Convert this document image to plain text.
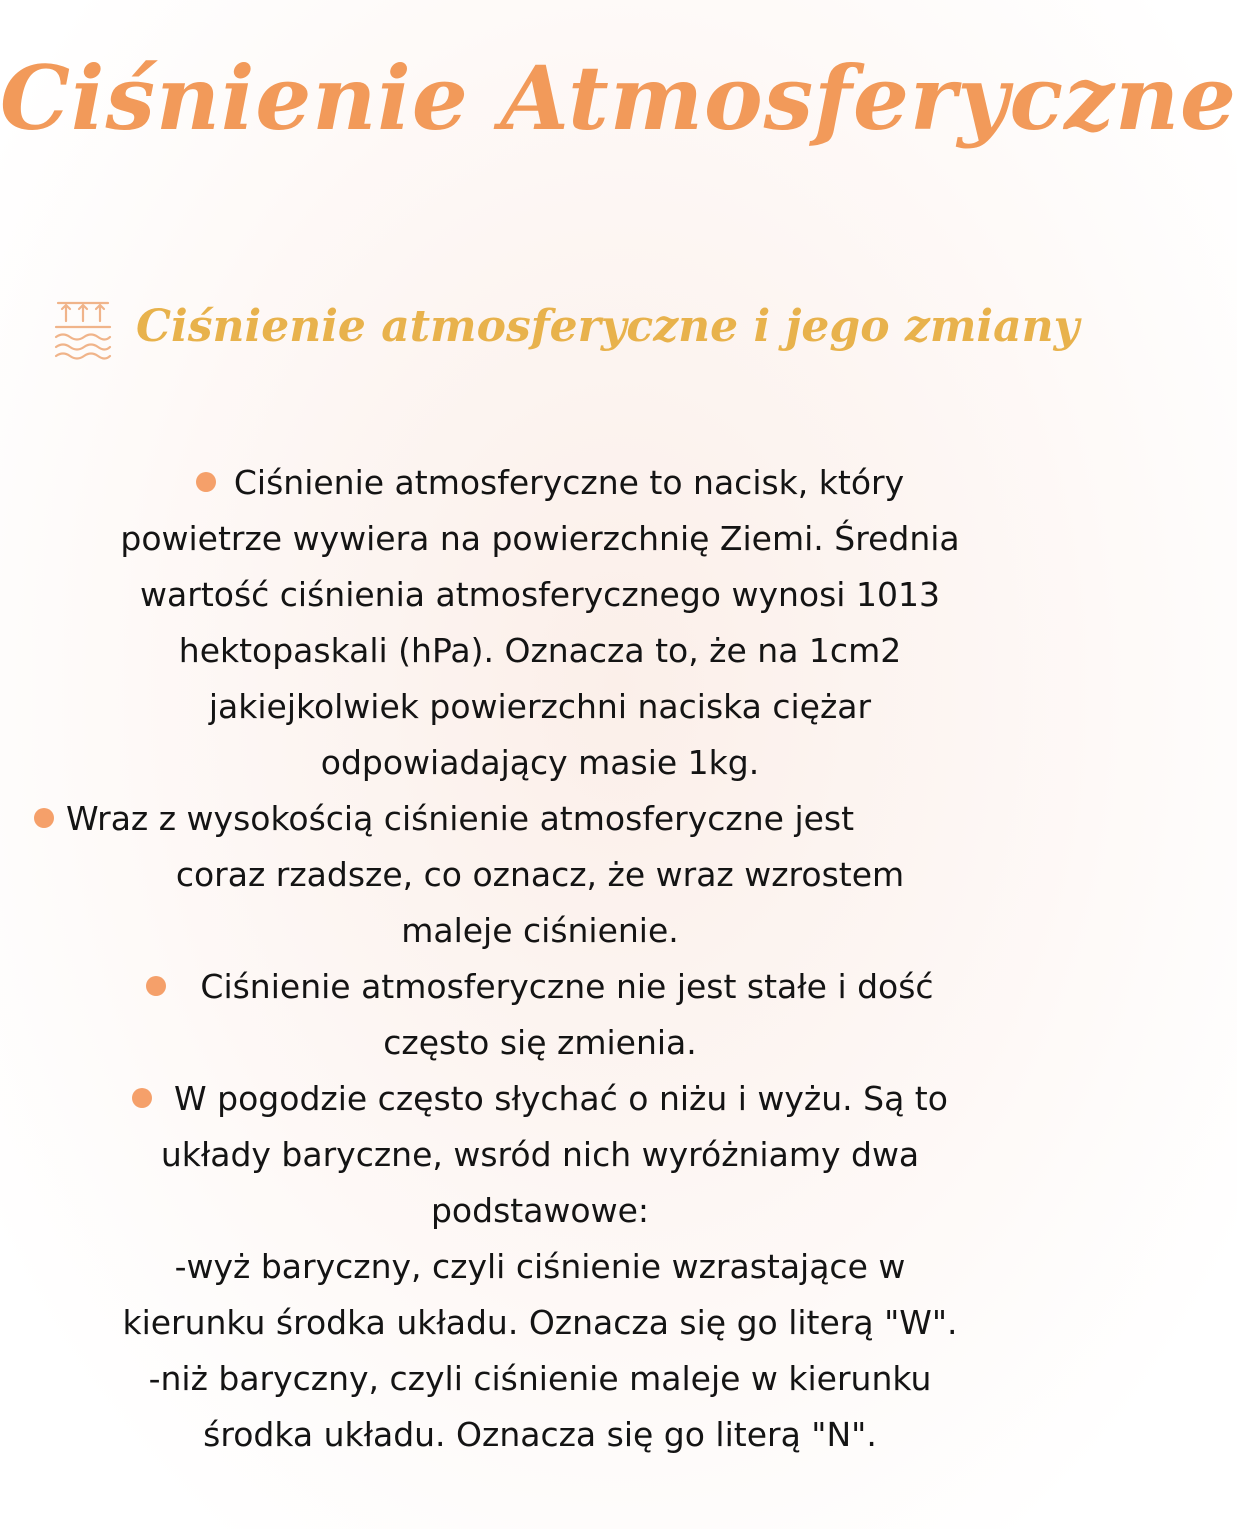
Ciśnienie Atmosferyczne
Ciśnienie atmosferyczne i jego zmiany
Ciśnienie atmosferyczne to nacisk, który
powietrze wywiera na powierzchnię Ziemi. Średnia
wartość ciśnienia atmosferycznego wynosi 1013
hektopaskali (hPa). Oznacza to, że na 1cm2
jakiejkolwiek powierzchni naciska ciężar
odpowiadający masie 1kg.
Wraz z wysokością ciśnienie atmosferyczne jest
coraz rzadsze, co oznacz, że wraz wzrostem
maleje ciśnienie.
Ciśnienie atmosferyczne nie jest stałe i dość
często się zmienia.
W pogodzie często słychać o niżu i wyżu. Są to
układy baryczne, wsród nich wyróżniamy dwa
podstawowe:
-wyż baryczny, czyli ciśnienie wzrastające w
kierunku środka układu. Oznacza się go literą "W".
-niż baryczny, czyli ciśnienie maleje w kierunku
środka układu. Oznacza się go literą "N".
